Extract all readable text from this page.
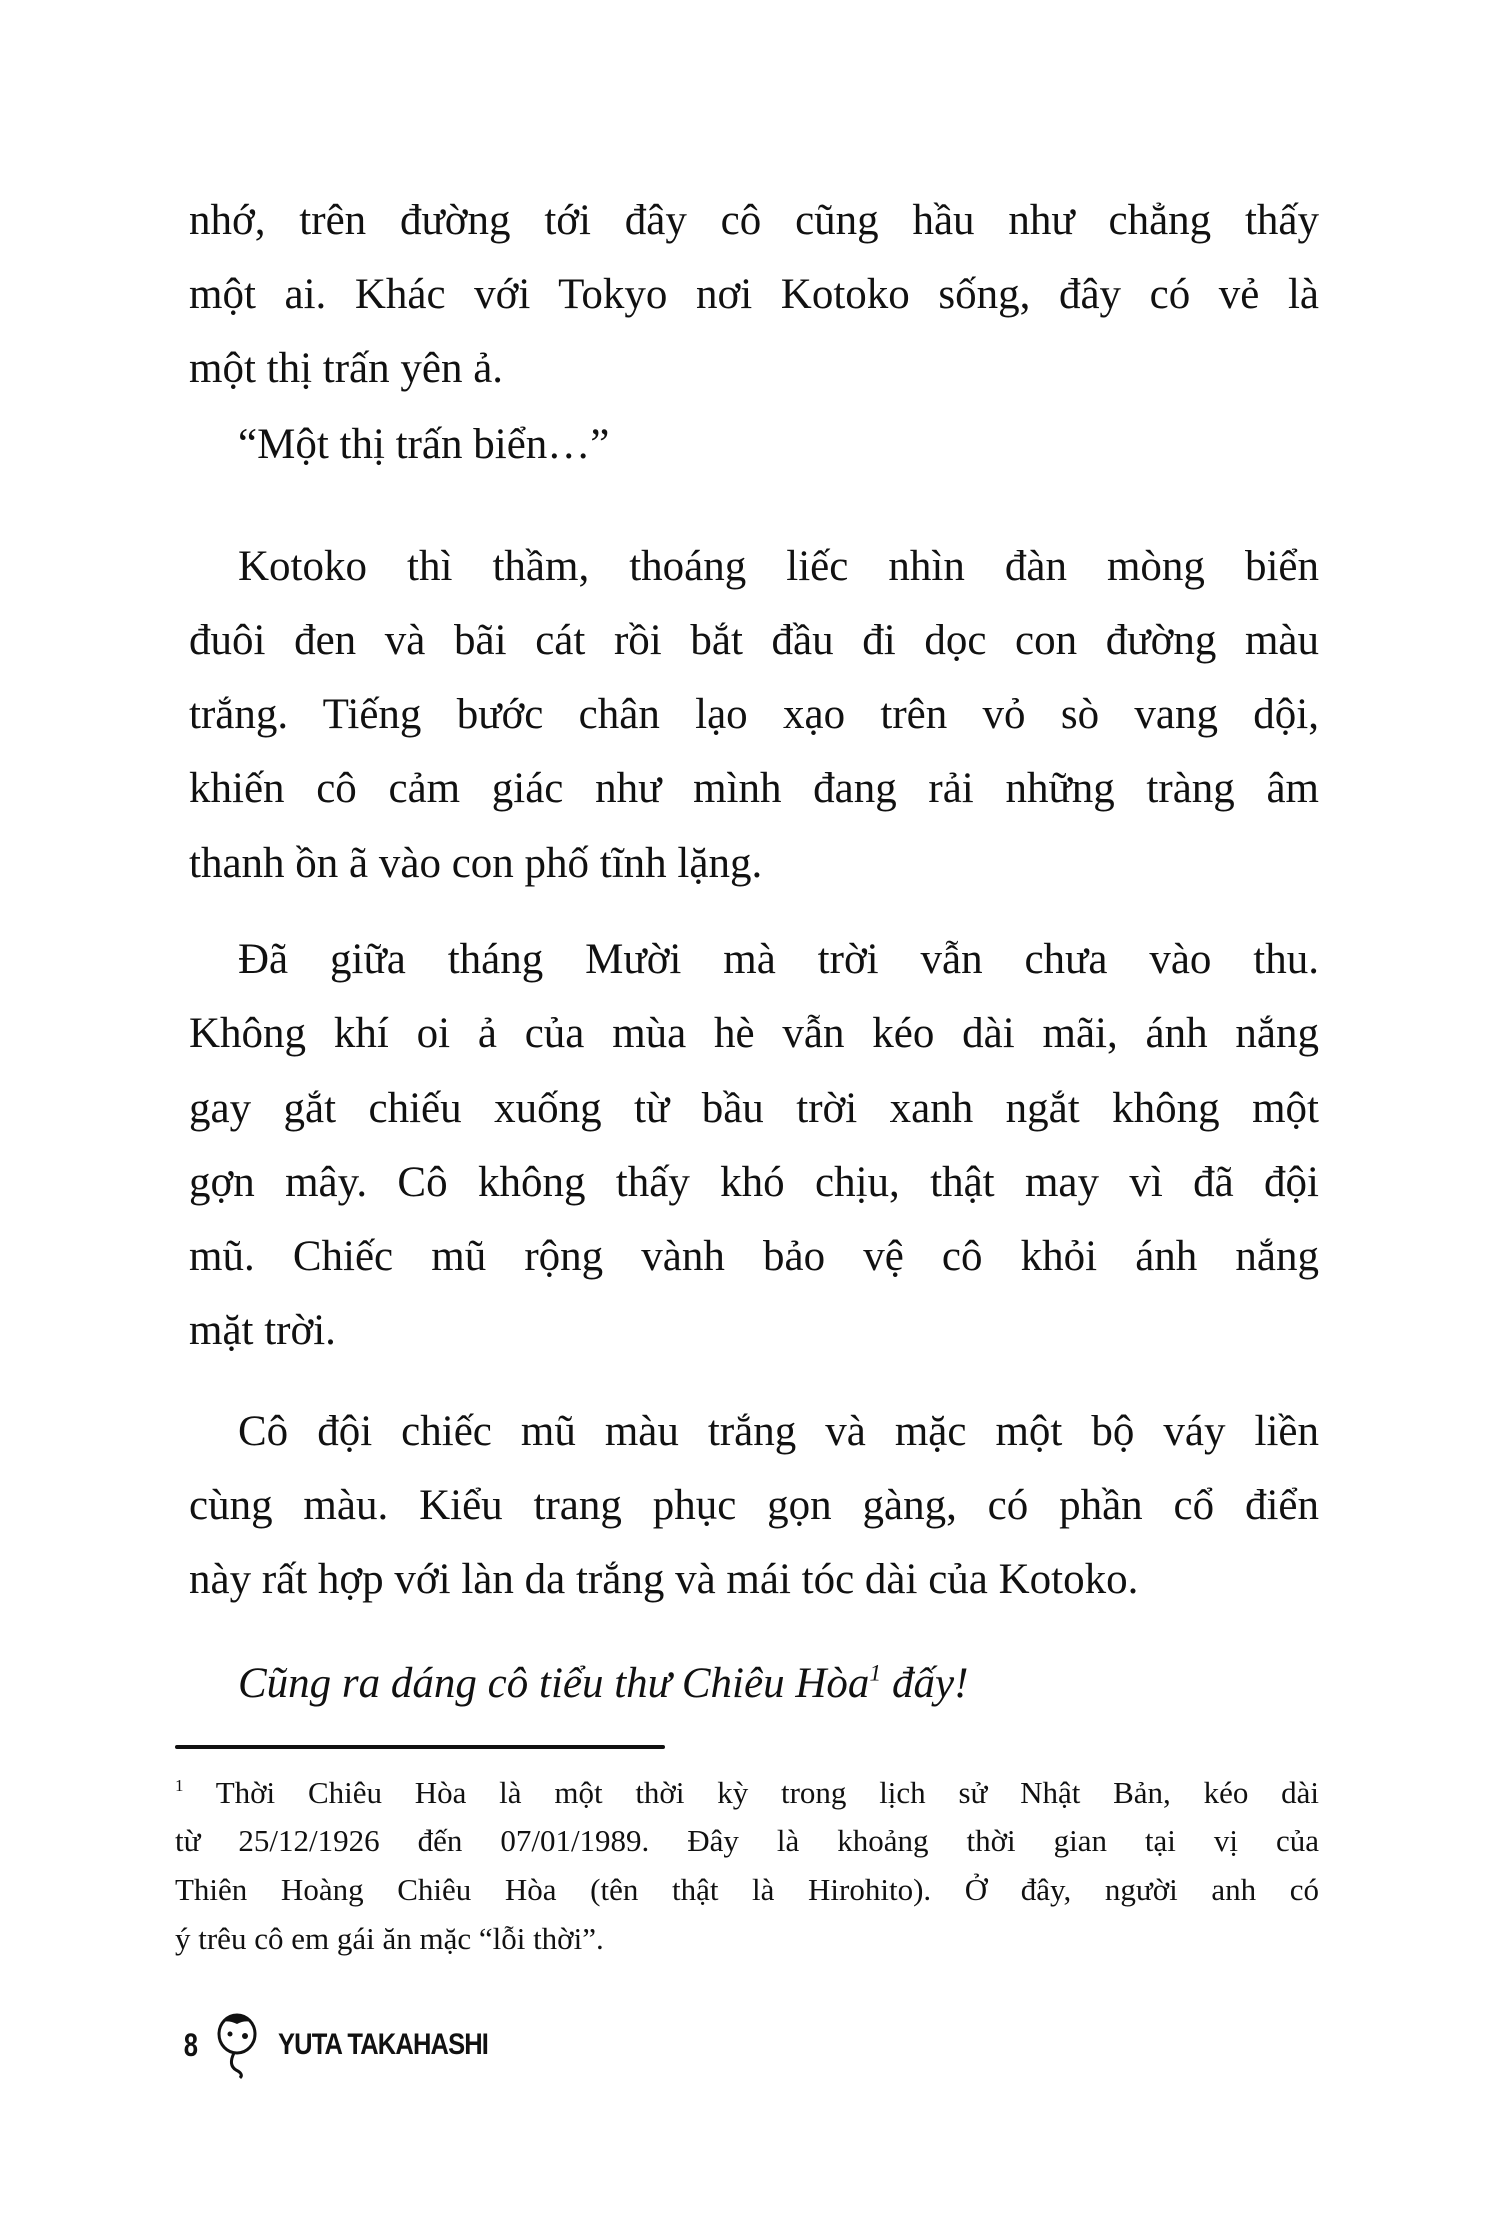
nhớ, trên đường tới đây cô cũng hầu như chẳng thấy
một ai. Khác với Tokyo nơi Kotoko sống, đây có vẻ là
một thị trấn yên ả.
“Một thị trấn biển…”
Kotoko thì thầm, thoáng liếc nhìn đàn mòng biển
đuôi đen và bãi cát rồi bắt đầu đi dọc con đường màu
trắng. Tiếng bước chân lạo xạo trên vỏ sò vang dội,
khiến cô cảm giác như mình đang rải những tràng âm
thanh ồn ã vào con phố tĩnh lặng.
Đã giữa tháng Mười mà trời vẫn chưa vào thu.
Không khí oi ả của mùa hè vẫn kéo dài mãi, ánh nắng
gay gắt chiếu xuống từ bầu trời xanh ngắt không một
gợn mây. Cô không thấy khó chịu, thật may vì đã đội
mũ. Chiếc mũ rộng vành bảo vệ cô khỏi ánh nắng
mặt trời.
Cô đội chiếc mũ màu trắng và mặc một bộ váy liền
cùng màu. Kiểu trang phục gọn gàng, có phần cổ điển
này rất hợp với làn da trắng và mái tóc dài của Kotoko.
Cũng ra dáng cô tiểu thư Chiêu Hòa$^1$ đấy!
$^1$ Thời Chiêu Hòa là một thời kỳ trong lịch sử Nhật Bản, kéo dài
từ 25/12/1926 đến 07/01/1989. Đây là khoảng thời gian tại vị của
Thiên Hoàng Chiêu Hòa (tên thật là Hirohito). Ở đây, người anh có
ý trêu cô em gái ăn mặc “lỗi thời”.
8	YUTA TAKAHASHI
